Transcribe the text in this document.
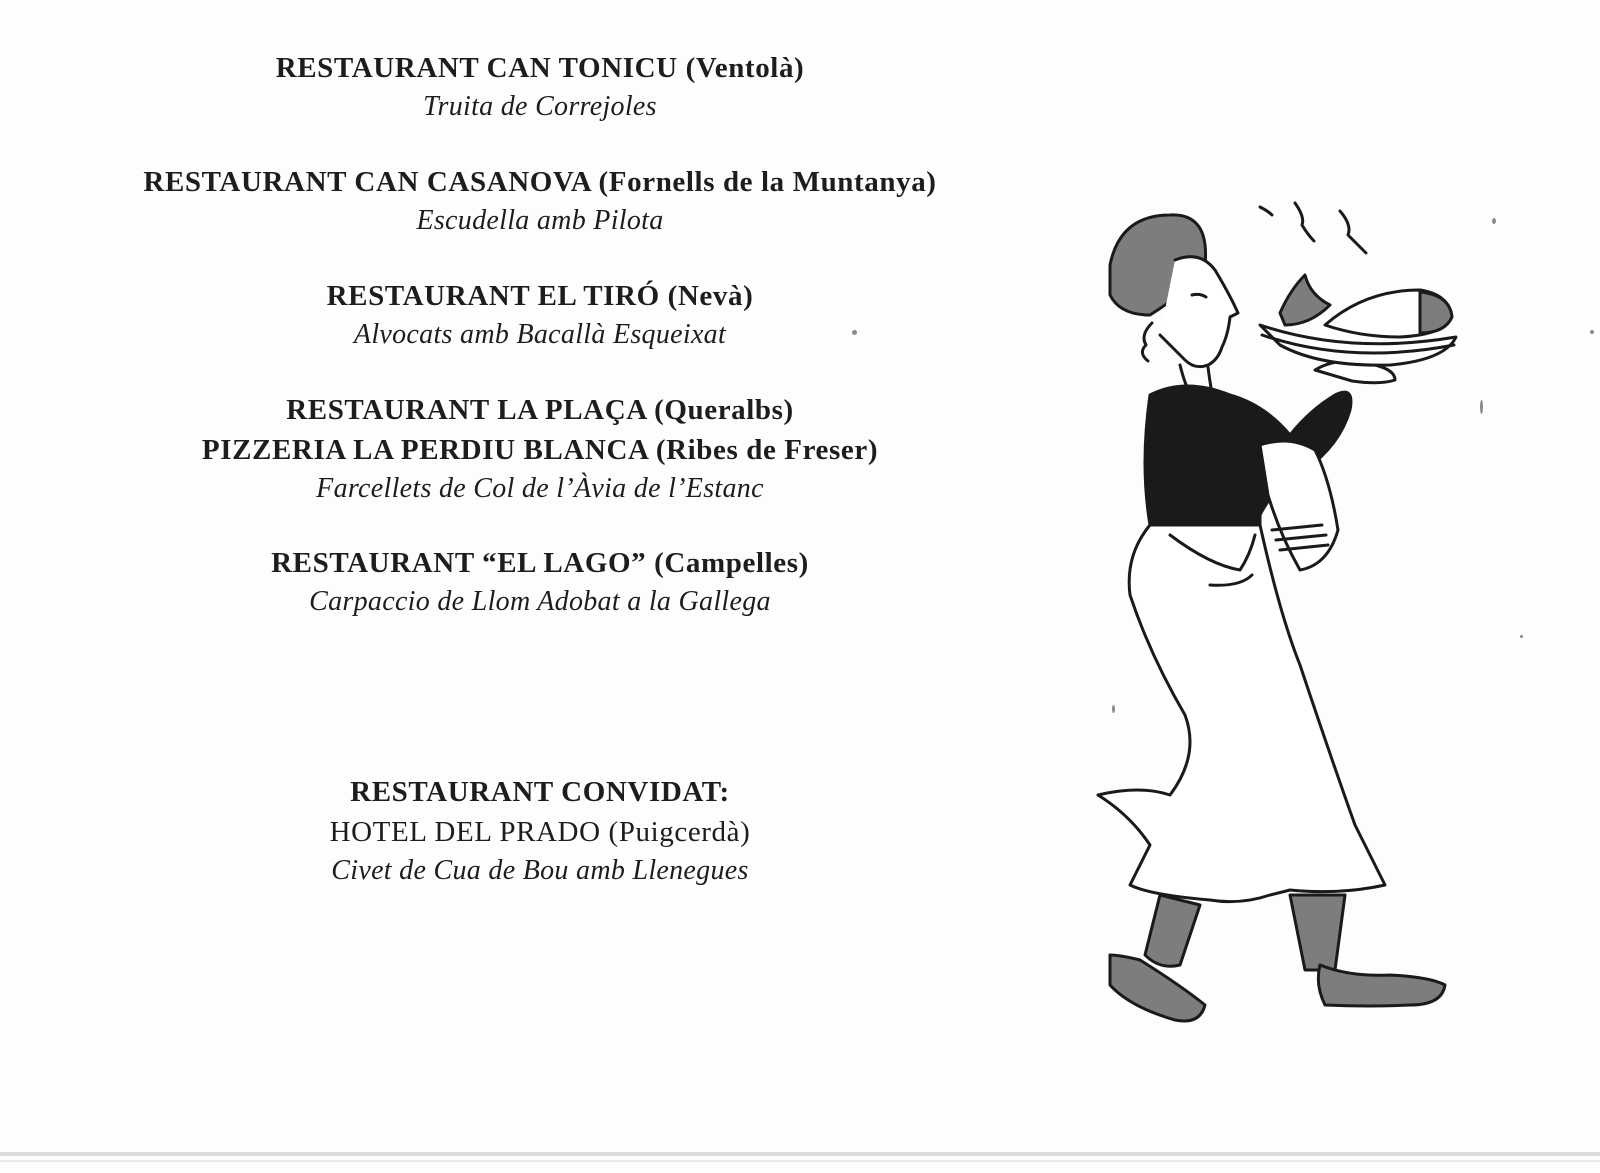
RESTAURANT CAN TONICU (Ventolà)
Truita de Correjoles
RESTAURANT CAN CASANOVA (Fornells de la Muntanya)
Escudella amb Pilota
RESTAURANT EL TIRÓ (Nevà)
Alvocats amb Bacallà Esqueixat
RESTAURANT LA PLAÇA (Queralbs)
PIZZERIA LA PERDIU BLANCA (Ribes de Freser)
Farcellets de Col de l’Àvia de l’Estanc
RESTAURANT “EL LAGO” (Campelles)
Carpaccio de Llom Adobat a la Gallega
RESTAURANT CONVIDAT:
HOTEL DEL PRADO (Puigcerdà)
Civet de Cua de Bou amb Llenegues
